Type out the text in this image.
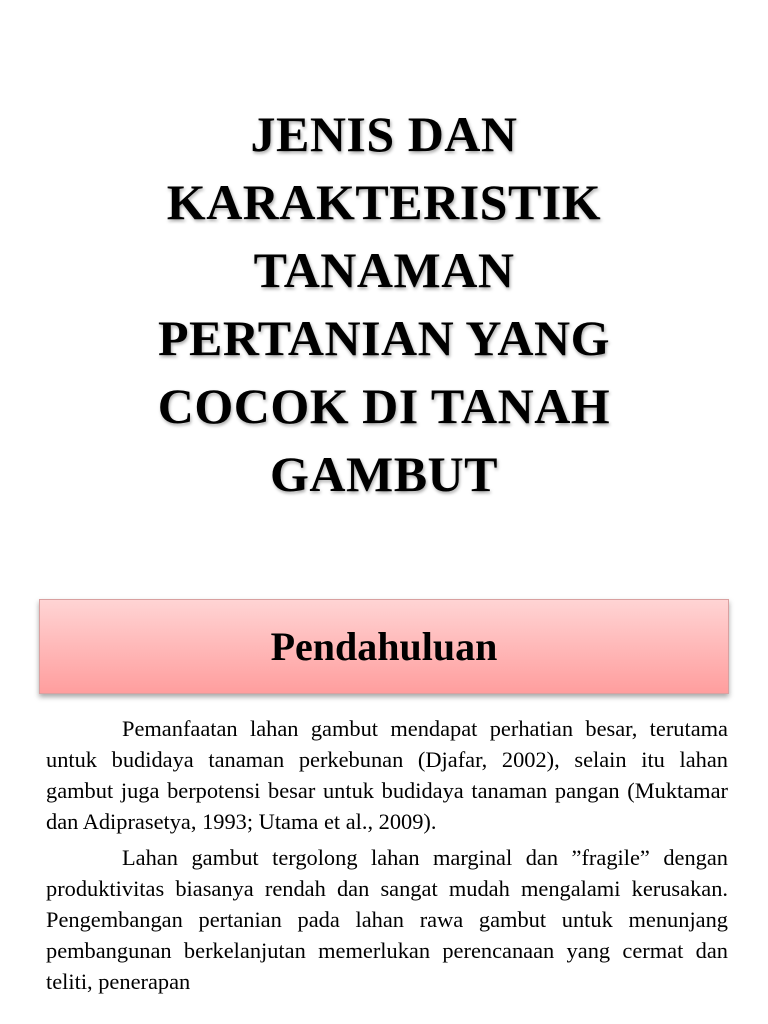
JENIS DAN
KARAKTERISTIK
TANAMAN
PERTANIAN YANG
COCOK DI TANAH
GAMBUT
Pendahuluan

Pemanfaatan lahan gambut mendapat perhatian besar, terutama untuk budidaya tanaman perkebunan (Djafar, 2002), selain itu lahan gambut juga berpotensi besar untuk budidaya tanaman pangan (Muktamar dan Adiprasetya, 1993; Utama et al., 2009).

Lahan gambut tergolong lahan marginal dan ”fragile” dengan produktivitas biasanya rendah dan sangat mudah mengalami kerusakan. Pengembangan pertanian pada lahan rawa gambut untuk menunjang pembangunan berkelanjutan memerlukan perencanaan yang cermat dan teliti, penerapan
